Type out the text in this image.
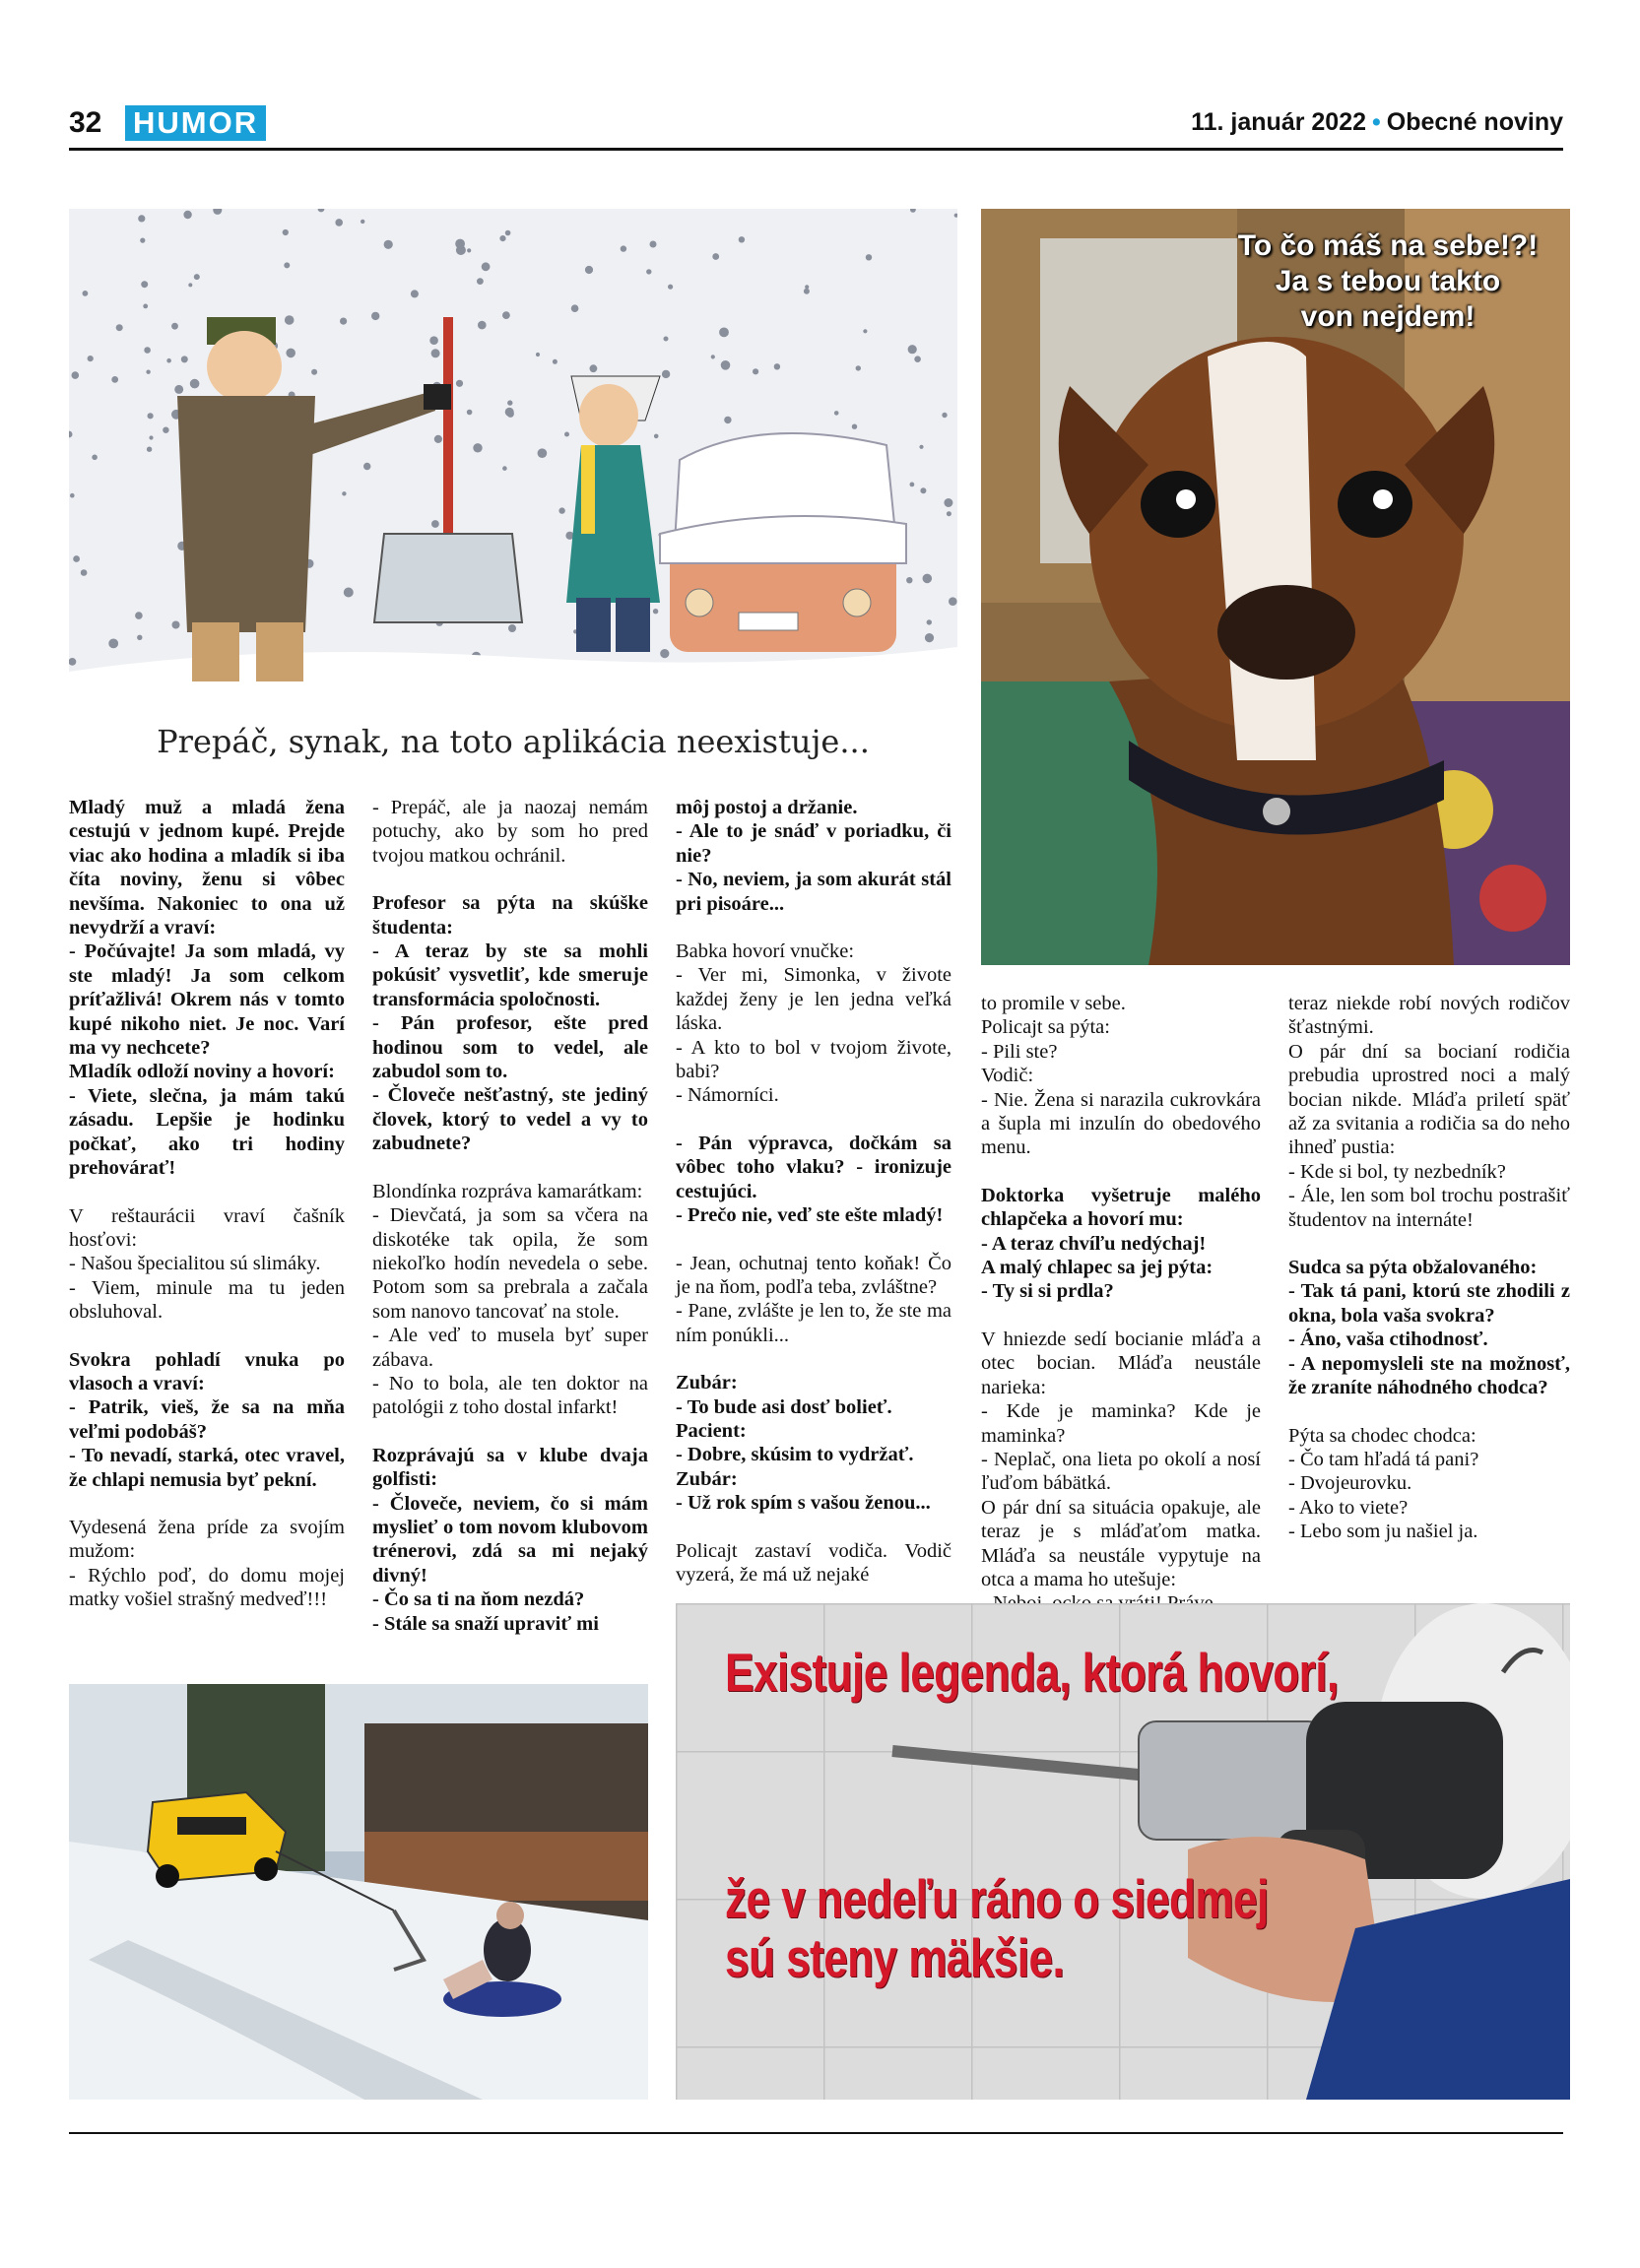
32 HUMOR	11. január 2022 • Obecné noviny
Prepáč, synak, na toto aplikácia neexistuje...
To čo máš na sebe!?!
Ja s tebou takto
von nejdem!

Mladý muž a mladá žena cestujú v jednom kupé. Prejde viac ako hodina a mladík si iba číta noviny, ženu si vôbec nevšíma. Nakoniec to ona už nevydrží a vraví:
- Počúvajte! Ja som mladá, vy ste mladý! Ja som celkom príťažlivá! Okrem nás v tomto kupé nikoho niet. Je noc. Varí ma vy nechcete?
Mladík odloží noviny a hovorí:
- Viete, slečna, ja mám takú zásadu. Lepšie je hodinku počkať, ako tri hodiny prehovárať!

V reštaurácii vraví čašník hosťovi:
- Našou špecialitou sú slimáky.
- Viem, minule ma tu jeden obsluhoval.

Svokra pohladí vnuka po vlasoch a vraví:
- Patrik, vieš, že sa na mňa veľmi podobáš?
- To nevadí, starká, otec vravel, že chlapi nemusia byť pekní.

Vydesená žena príde za svojím mužom:
- Rýchlo poď, do domu mojej matky vošiel strašný medveď!!!

- Prepáč, ale ja naozaj nemám potuchy, ako by som ho pred tvojou matkou ochránil.

Profesor sa pýta na skúške študenta:
- A teraz by ste sa mohli pokúsiť vysvetliť, kde smeruje transformácia spoločnosti.
- Pán profesor, ešte pred hodinou som to vedel, ale zabudol som to.
- Človeče nešťastný, ste jediný človek, ktorý to vedel a vy to zabudnete?

Blondínka rozpráva kamarátkam:
- Dievčatá, ja som sa včera na diskotéke tak opila, že som niekoľko hodín nevedela o sebe. Potom som sa prebrala a začala som nanovo tancovať na stole.
- Ale veď to musela byť super zábava.
- No to bola, ale ten doktor na patológii z toho dostal infarkt!

Rozprávajú sa v klube dvaja golfisti:
- Človeče, neviem, čo si mám myslieť o tom novom klubovom trénerovi, zdá sa mi nejaký divný!
- Čo sa ti na ňom nezdá?
- Stále sa snaží upraviť mi

môj postoj a držanie.
- Ale to je snáď v poriadku, či nie?
- No, neviem, ja som akurát stál pri pisoáre...

Babka hovorí vnučke:
- Ver mi, Simonka, v živote každej ženy je len jedna veľká láska.
- A kto to bol v tvojom živote, babi?
- Námorníci.

- Pán výpravca, dočkám sa vôbec toho vlaku? - ironizuje cestujúci.
- Prečo nie, veď ste ešte mladý!

- Jean, ochutnaj tento koňak! Čo je na ňom, podľa teba, zvláštne?
- Pane, zvlášte je len to, že ste ma ním ponúkli...

Zubár:
- To bude asi dosť bolieť.
Pacient:
- Dobre, skúsim to vydržať.
Zubár:
- Už rok spím s vašou ženou...

Policajt zastaví vodiča. Vodič vyzerá, že má už nejaké

to promile v sebe.
Policajt sa pýta:
- Pili ste?
Vodič:
- Nie. Žena si narazila cukrovkára a šupla mi inzulín do obedového menu.

Doktorka vyšetruje malého chlapčeka a hovorí mu:
- A teraz chvíľu nedýchaj!
A malý chlapec sa jej pýta:
- Ty si si prdla?

V hniezde sedí bocianie mláďa a otec bocian. Mláďa neustále narieka:
- Kde je maminka? Kde je maminka?
- Neplač, ona lieta po okolí a nosí ľuďom bábätká.
O pár dní sa situácia opakuje, ale teraz je s mláďaťom matka. Mláďa sa neustále vypytuje na otca a mama ho utešuje:

teraz niekde robí nových rodičov šťastnými.
O pár dní sa bocianí rodičia prebudia uprostred noci a malý bocian nikde. Mláďa priletí späť až za svitania a rodičia sa do neho ihneď pustia:
- Kde si bol, ty nezbedník?
- Ále, len som bol trochu postrašiť študentov na internáte!

Sudca sa pýta obžalovaného:
- Tak tá pani, ktorú ste zhodili z okna, bola vaša svokra?
- Áno, vaša ctihodnosť.
- A nepomysleli ste na možnosť, že zraníte náhodného chodca?

Pýta sa chodec chodca:
- Čo tam hľadá tá pani?
- Dvojeurovku.
- Ako to viete?
- Lebo som ju našiel ja.

Existuje legenda, ktorá hovorí,
že v nedeľu ráno o siedmej
sú steny mäkšie.
